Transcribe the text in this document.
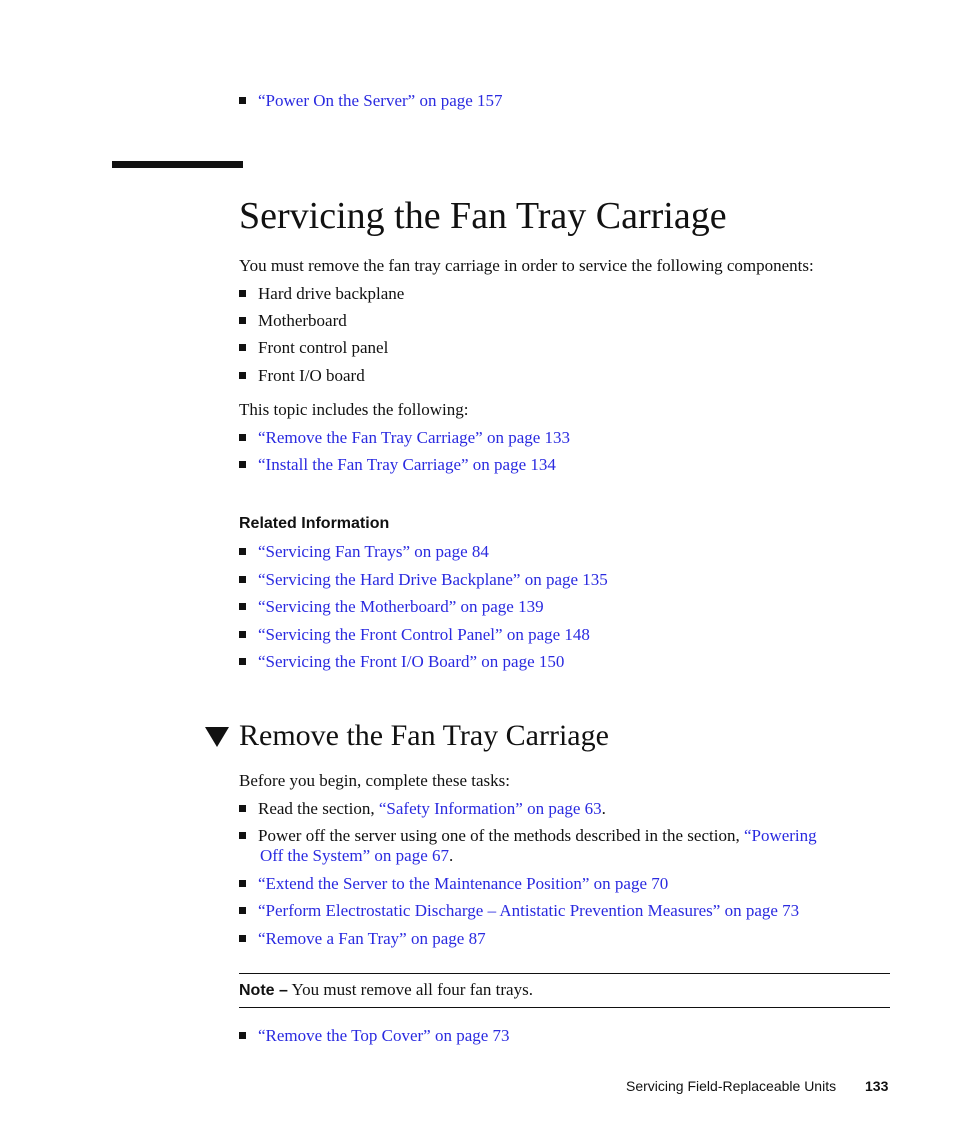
“Power On the Server” on page 157
Servicing the Fan Tray Carriage
You must remove the fan tray carriage in order to service the following components:
Hard drive backplane
Motherboard
Front control panel
Front I/O board
This topic includes the following:
“Remove the Fan Tray Carriage” on page 133
“Install the Fan Tray Carriage” on page 134
Related Information
“Servicing Fan Trays” on page 84
“Servicing the Hard Drive Backplane” on page 135
“Servicing the Motherboard” on page 139
“Servicing the Front Control Panel” on page 148
“Servicing the Front I/O Board” on page 150
Remove the Fan Tray Carriage
Before you begin, complete these tasks:
Read the section, “Safety Information” on page 63.
Power off the server using one of the methods described in the section, “Powering
Off the System” on page 67.
“Extend the Server to the Maintenance Position” on page 70
“Perform Electrostatic Discharge – Antistatic Prevention Measures” on page 73
“Remove a Fan Tray” on page 87
Note – You must remove all four fan trays.
“Remove the Top Cover” on page 73
Servicing Field-Replaceable Units 133
